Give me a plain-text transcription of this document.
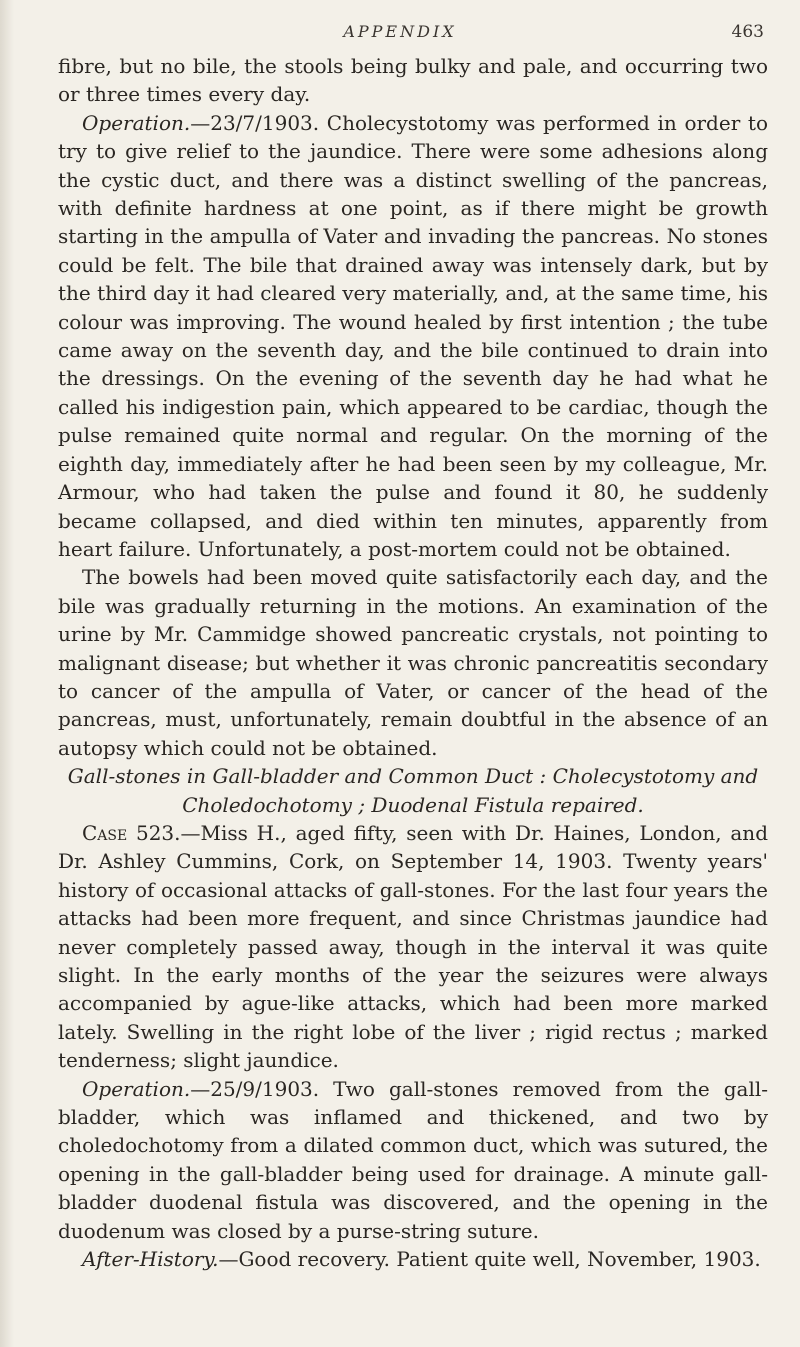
APPENDIX	463

fibre, but no bile, the stools being bulky and pale, and occurring two or three times every day.

Operation.—23/7/1903. Cholecystotomy was performed in order to try to give relief to the jaundice. There were some adhesions along the cystic duct, and there was a distinct swelling of the pancreas, with definite hardness at one point, as if there might be growth starting in the ampulla of Vater and invading the pancreas. No stones could be felt. The bile that drained away was intensely dark, but by the third day it had cleared very materially, and, at the same time, his colour was improving. The wound healed by first intention ; the tube came away on the seventh day, and the bile continued to drain into the dressings. On the evening of the seventh day he had what he called his indigestion pain, which appeared to be cardiac, though the pulse remained quite normal and regular. On the morning of the eighth day, immediately after he had been seen by my colleague, Mr. Armour, who had taken the pulse and found it 80, he suddenly became collapsed, and died within ten minutes, apparently from heart failure. Unfortunately, a post-mortem could not be obtained.

The bowels had been moved quite satisfactorily each day, and the bile was gradually returning in the motions. An examination of the urine by Mr. Cammidge showed pancreatic crystals, not pointing to malignant disease; but whether it was chronic pancreatitis secondary to cancer of the ampulla of Vater, or cancer of the head of the pancreas, must, unfortunately, remain doubtful in the absence of an autopsy which could not be obtained.

Gall-stones in Gall-bladder and Common Duct : Cholecystotomy and Choledochotomy ; Duodenal Fistula repaired.

Case 523.—Miss H., aged fifty, seen with Dr. Haines, London, and Dr. Ashley Cummins, Cork, on September 14, 1903. Twenty years' history of occasional attacks of gall-stones. For the last four years the attacks had been more frequent, and since Christmas jaundice had never completely passed away, though in the interval it was quite slight. In the early months of the year the seizures were always accompanied by ague-like attacks, which had been more marked lately. Swelling in the right lobe of the liver ; rigid rectus ; marked tenderness; slight jaundice.

Operation.—25/9/1903. Two gall-stones removed from the gall-bladder, which was inflamed and thickened, and two by choledochotomy from a dilated common duct, which was sutured, the opening in the gall-bladder being used for drainage. A minute gall-bladder duodenal fistula was discovered, and the opening in the duodenum was closed by a purse-string suture.

After-History.—Good recovery. Patient quite well, November, 1903.
